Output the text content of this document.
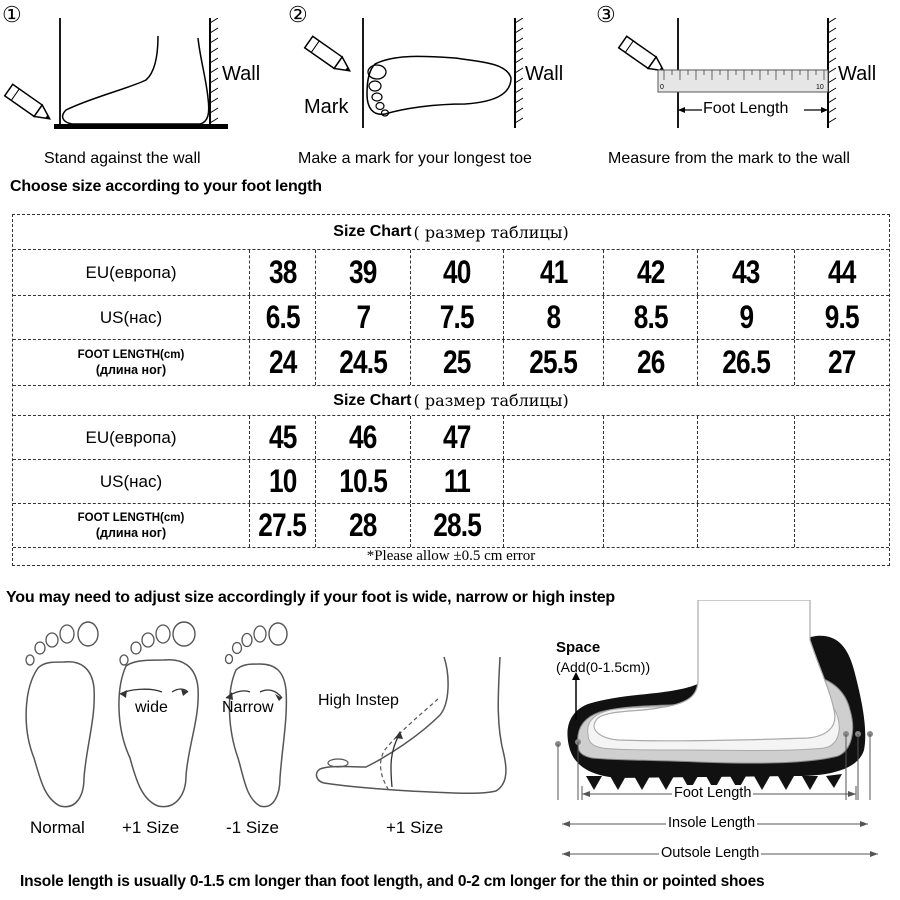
①
Wall
Stand against the wall
②
Mark
Wall
Make a mark for your longest toe
③
0	10
Foot Length
Wall
Measure from the mark to the wall
Choose size according to your foot length
Size Chart ( размер таблицы)
EU(европа)	38 39 40 41 42 43 44
US(нас)	6.5 7 7.5 8 8.5 9 9.5
FOOT LENGTH(cm)
(длина ног)	24 24.5 25 25.5 26 26.5 27
Size Chart ( размер таблицы)
EU(европа)	45 46 47
US(нас)	10 10.5 11
FOOT LENGTH(cm)
(длина ног)	27.5 28 28.5
*Please allow ±0.5 cm error
You may need to adjust size accordingly if your foot is wide, narrow or high instep
Normal
wide
+1 Size
Narrow
-1 Size
High Instep
+1 Size
Space
(Add(0-1.5cm))
Foot Length
Insole Length
Outsole Length
Insole length is usually 0-1.5 cm longer than foot length, and 0-2 cm longer for the thin or pointed shoes
